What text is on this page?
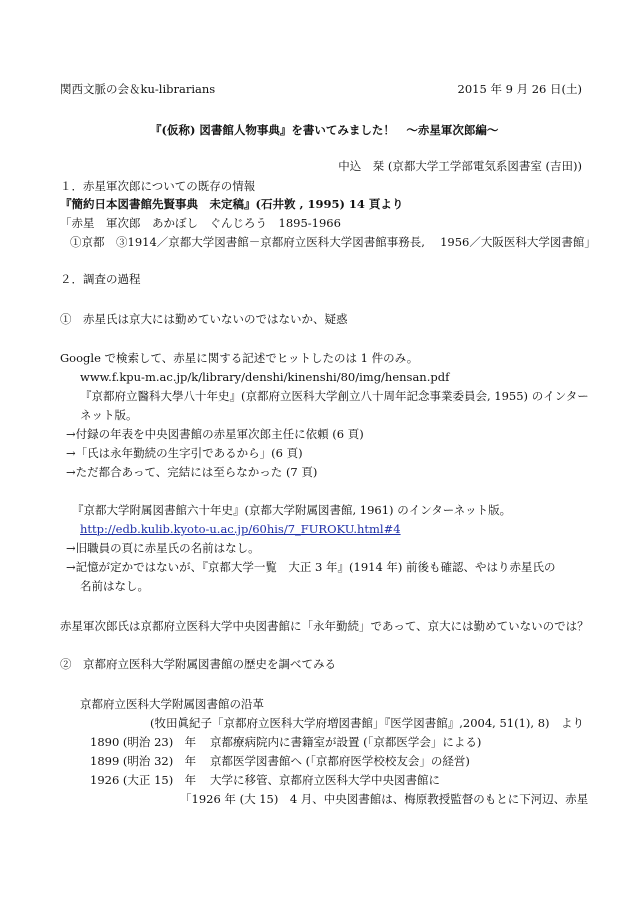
関西文脈の会＆ku-librarians	2015 年 9 月 26 日(土)
『(仮称) 図書館人物事典』を書いてみました！　～赤星軍次郎編～
中込　栞 (京都大学工学部電気系図書室 (吉田))
１．赤星軍次郎についての既存の情報
『簡約日本図書館先賢事典　未定稿』(石井敦 , 1995) 14 頁より
「赤星　軍次郎　あかぼし　ぐんじろう　1895-1966
①京都　③1914／京都大学図書館－京都府立医科大学図書館事務長,　 1956／大阪医科大学図書館」
２．調査の過程
①　赤星氏は京大には勤めていないのではないか、疑惑
Google で検索して、赤星に関する記述でヒットしたのは 1 件のみ。
www.f.kpu-m.ac.jp/k/library/denshi/kinenshi/80/img/hensan.pdf
『京都府立醫科大學八十年史』(京都府立医科大学創立八十周年記念事業委員会, 1955) のインター
ネット版。
→付録の年表を中央図書館の赤星軍次郎主任に依頼 (6 頁)
→「氏は永年勤続の生字引であるから」(6 頁)
→ただ都合あって、完結には至らなかった (7 頁)
『京都大学附属図書館六十年史』(京都大学附属図書館, 1961) のインターネット版。
http://edb.kulib.kyoto-u.ac.jp/60his/7_FUROKU.html#4
→旧職員の頁に赤星氏の名前はなし。
→記憶が定かではないが、『京都大学一覧　大正 3 年』(1914 年) 前後も確認、やはり赤星氏の
名前はなし。
赤星軍次郎氏は京都府立医科大学中央図書館に「永年勤続」であって、京大には勤めていないのでは？
②　京都府立医科大学附属図書館の歴史を調べてみる
京都府立医科大学附属図書館の沿革
(牧田眞紀子「京都府立医科大学府増図書館」『医学図書館』,2004, 51(1), 8)　より
1890 (明治 23)　年 京都療病院内に書籍室が設置 (「京都医学会」による)
1899 (明治 32)　年 京都医学図書館へ (「京都府医学校校友会」の経営)
1926 (大正 15)　年 大学に移管、京都府立医科大学中央図書館に
「1926 年 (大 15)　4 月、中央図書館は、梅原教授監督のもとに下河辺、赤星
